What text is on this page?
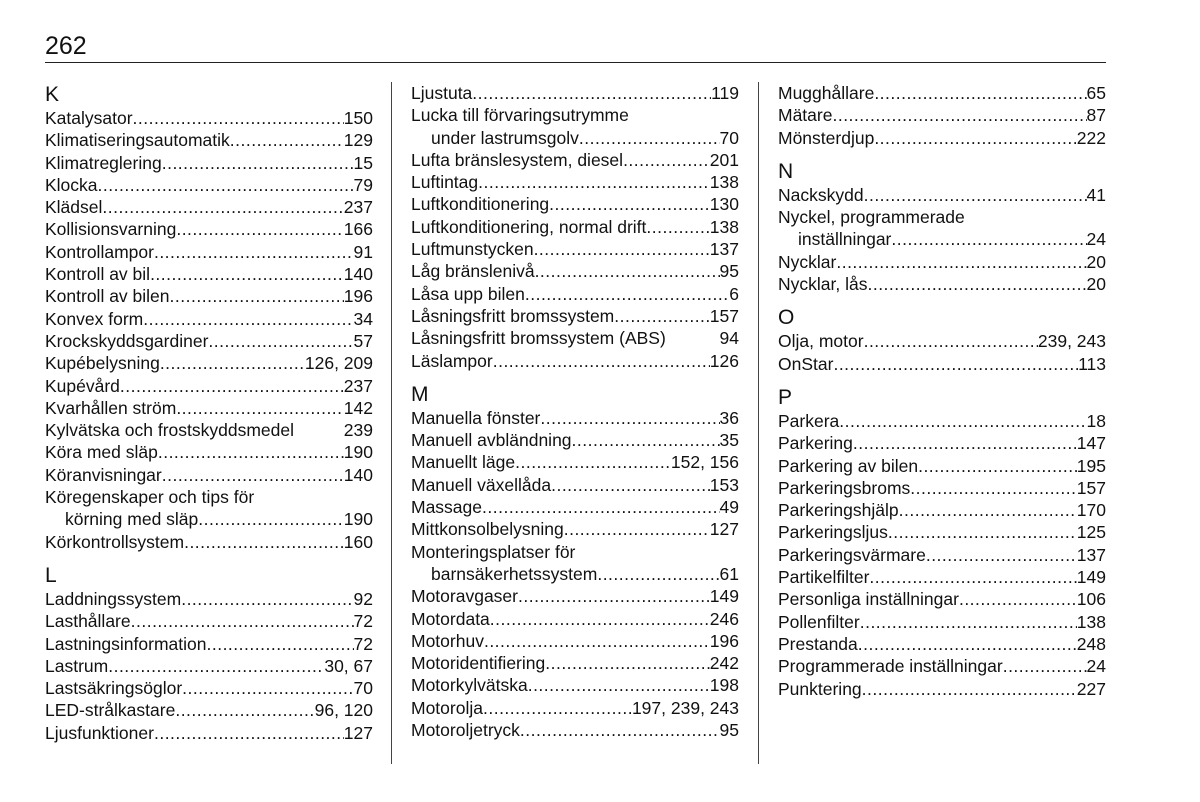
262
K
Katalysator .....	150
Klimatiseringsautomatik .....	129
Klimatreglering .....	15
Klocka .....	79
Klädsel .....	237
Kollisionsvarning .....	166
Kontrollampor .....	91
Kontroll av bil .....	140
Kontroll av bilen .....	196
Konvex form .....	34
Krockskyddsgardiner .....	57
Kupébelysning .....	126, 209
Kupévård .....	237
Kvarhållen ström .....	142
Kylvätska och frostskyddsmedel	239
Köra med släp .....	190
Köranvisningar .....	140
Köregenskaper och tips för
körning med släp .....	190
Körkontrollsystem .....	160
L
Laddningssystem .....	92
Lasthållare .....	72
Lastningsinformation .....	72
Lastrum .....	30, 67
Lastsäkringsöglor .....	70
LED-strålkastare .....	96, 120
Ljusfunktioner .....	127
Ljustuta .....	119
Lucka till förvaringsutrymme
under lastrumsgolv .....	70
Lufta bränslesystem, diesel .....	201
Luftintag .....	138
Luftkonditionering .....	130
Luftkonditionering, normal drift .....	138
Luftmunstycken .....	137
Låg bränslenivå .....	95
Låsa upp bilen .....	6
Låsningsfritt bromssystem .....	157
Låsningsfritt bromssystem (ABS)	94
Läslampor .....	126
M
Manuella fönster .....	36
Manuell avbländning .....	35
Manuellt läge .....	152, 156
Manuell växellåda .....	153
Massage .....	49
Mittkonsolbelysning .....	127
Monteringsplatser för
barnsäkerhetssystem .....	61
Motoravgaser .....	149
Motordata .....	246
Motorhuv .....	196
Motoridentifiering .....	242
Motorkylvätska .....	198
Motorolja .....	197, 239, 243
Motoroljetryck .....	95
Mugghållare .....	65
Mätare .....	87
Mönsterdjup .....	222
N
Nackskydd .....	41
Nyckel, programmerade
inställningar .....	24
Nycklar .....	20
Nycklar, lås .....	20
O
Olja, motor .....	239, 243
OnStar .....	113
P
Parkera .....	18
Parkering .....	147
Parkering av bilen .....	195
Parkeringsbroms .....	157
Parkeringshjälp .....	170
Parkeringsljus .....	125
Parkeringsvärmare .....	137
Partikelfilter .....	149
Personliga inställningar .....	106
Pollenfilter .....	138
Prestanda .....	248
Programmerade inställningar .....	24
Punktering .....	227
